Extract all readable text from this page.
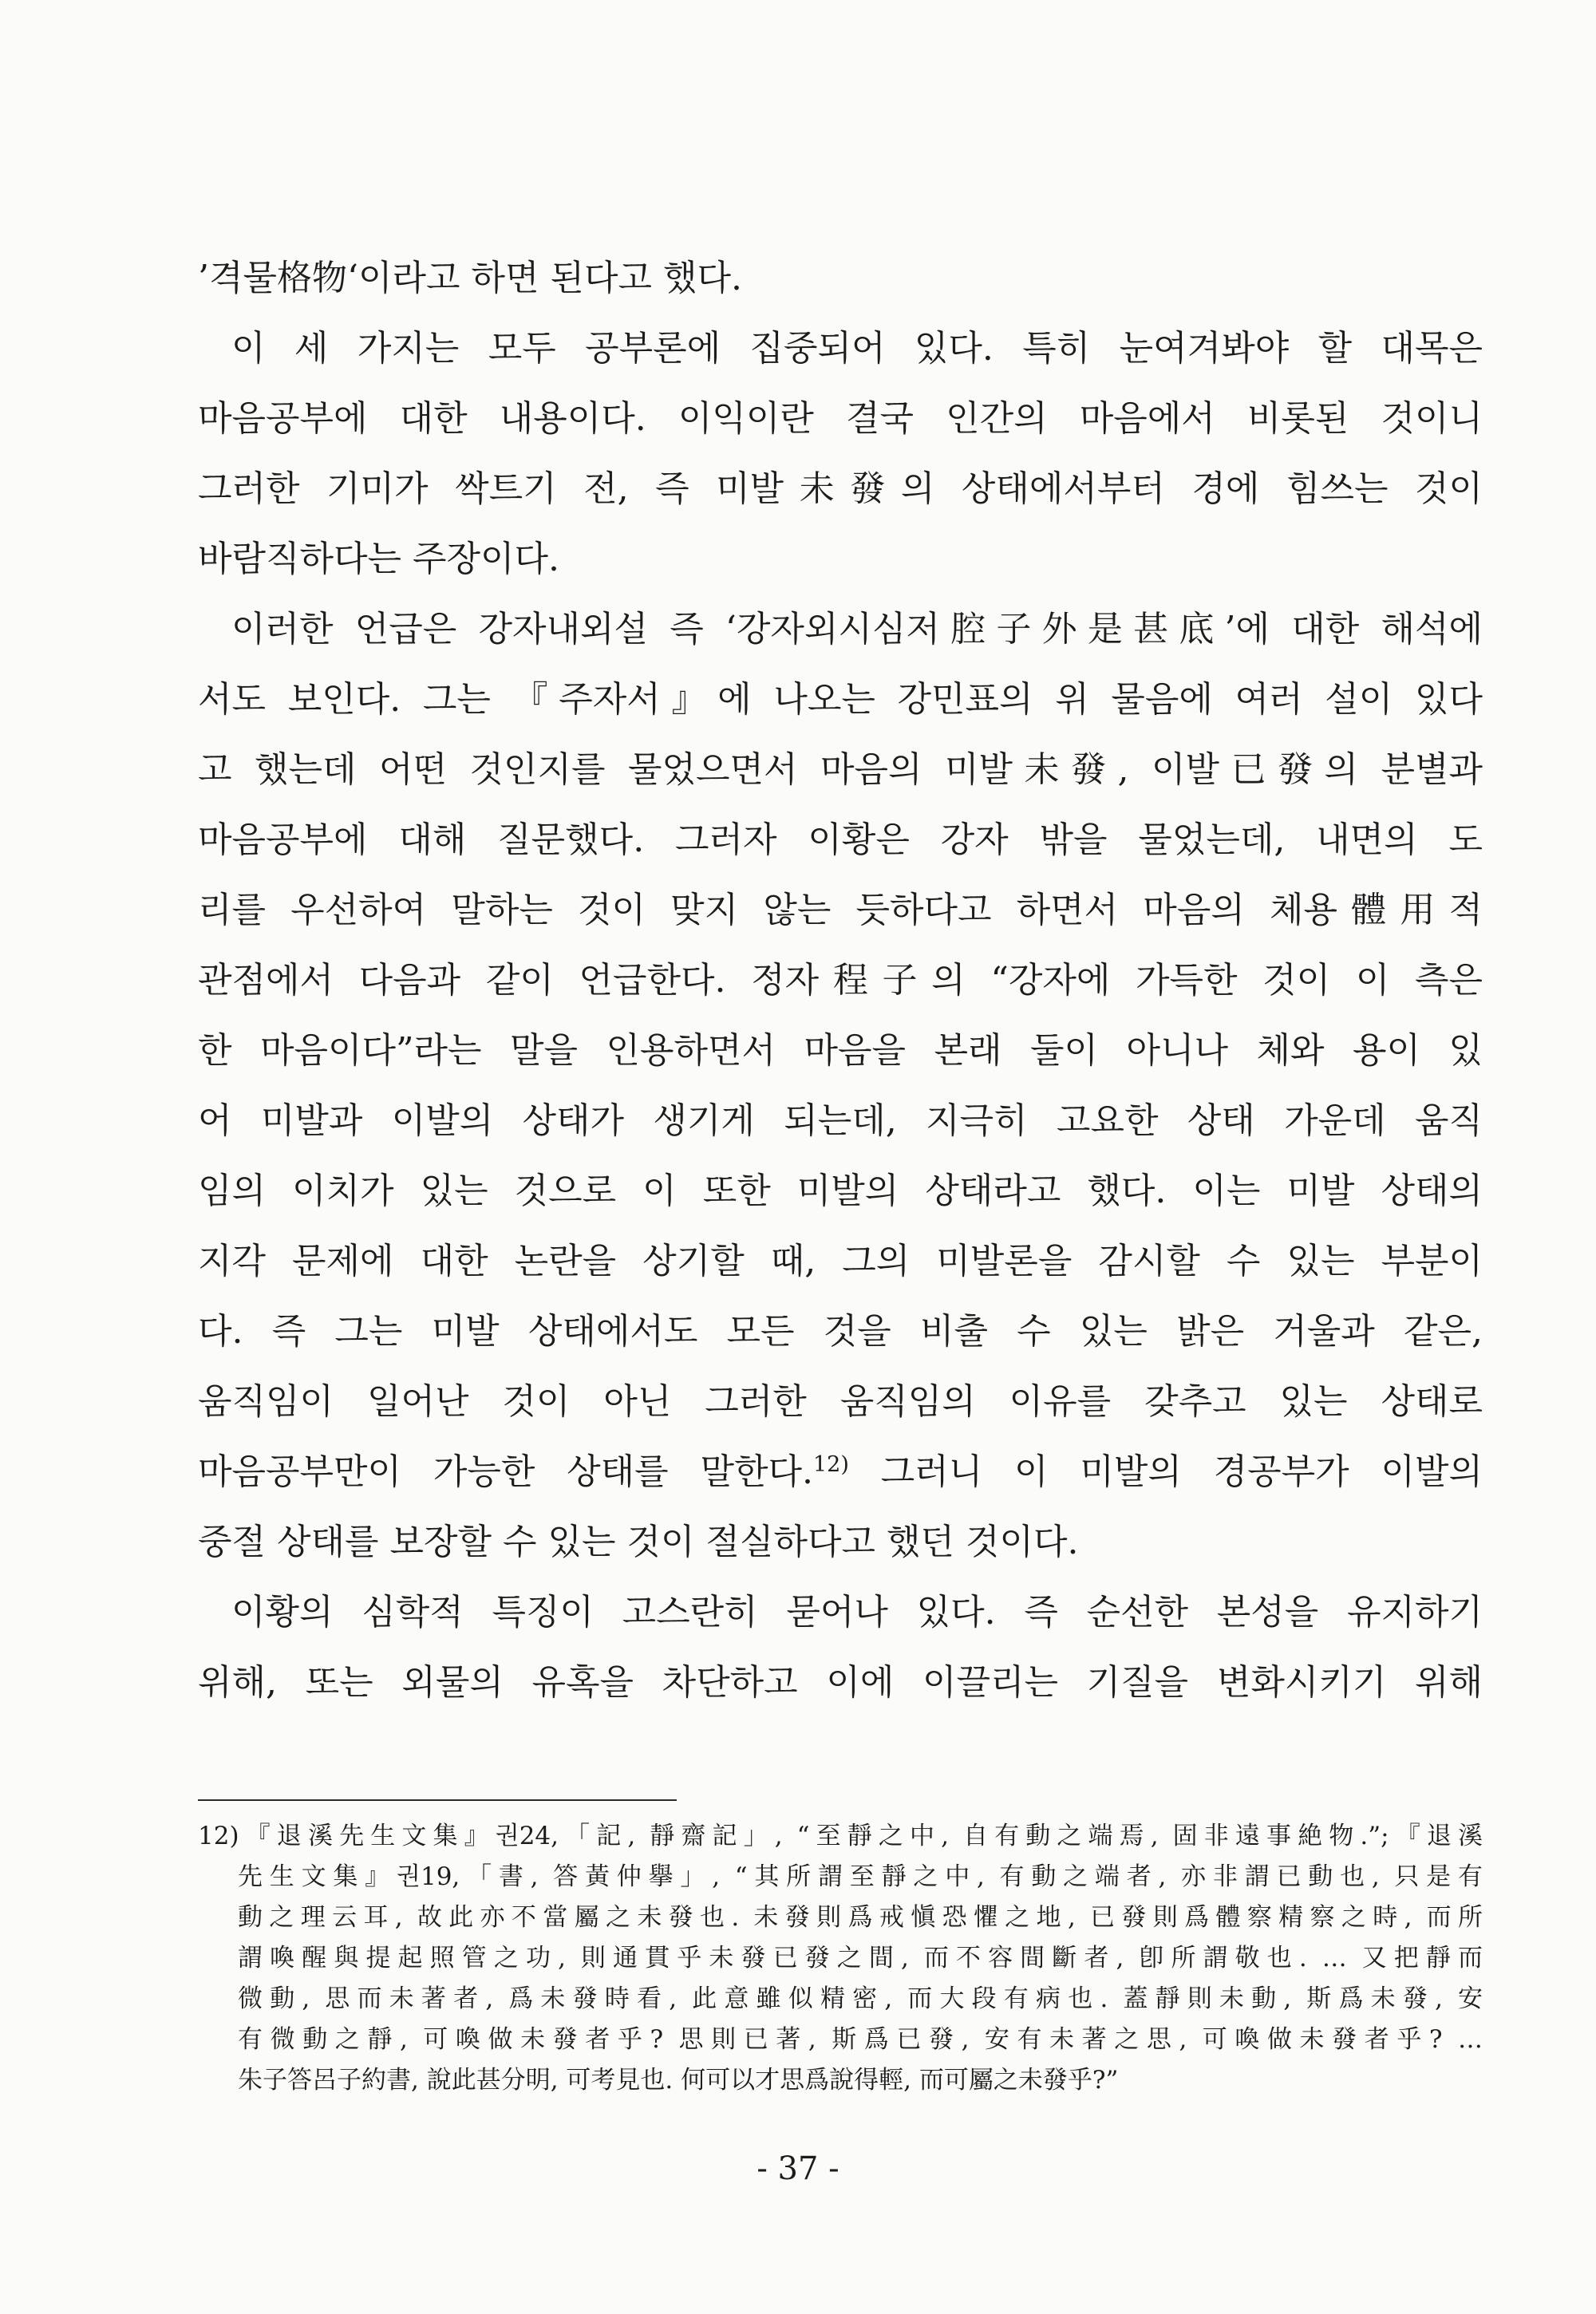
’격물格物‘이라고 하면 된다고 했다.
이 세 가지는 모두 공부론에 집중되어 있다. 특히 눈여겨봐야 할 대목은
마음공부에 대한 내용이다. 이익이란 결국 인간의 마음에서 비롯된 것이니
그러한 기미가 싹트기 전, 즉 미발未發의 상태에서부터 경에 힘쓰는 것이
바람직하다는 주장이다.
이러한 언급은 강자내외설 즉 ‘강자외시심저腔子外是甚底’에 대한 해석에
서도 보인다. 그는 『주자서』에 나오는 강민표의 위 물음에 여러 설이 있다
고 했는데 어떤 것인지를 물었으면서 마음의 미발未發, 이발已發의 분별과
마음공부에 대해 질문했다. 그러자 이황은 강자 밖을 물었는데, 내면의 도
리를 우선하여 말하는 것이 맞지 않는 듯하다고 하면서 마음의 체용體用적
관점에서 다음과 같이 언급한다. 정자程子의 “강자에 가득한 것이 이 측은
한 마음이다”라는 말을 인용하면서 마음을 본래 둘이 아니나 체와 용이 있
어 미발과 이발의 상태가 생기게 되는데, 지극히 고요한 상태 가운데 움직
임의 이치가 있는 것으로 이 또한 미발의 상태라고 했다. 이는 미발 상태의
지각 문제에 대한 논란을 상기할 때, 그의 미발론을 감시할 수 있는 부분이
다. 즉 그는 미발 상태에서도 모든 것을 비출 수 있는 밝은 거울과 같은,
움직임이 일어난 것이 아닌 그러한 움직임의 이유를 갖추고 있는 상태로
마음공부만이 가능한 상태를 말한다.$^{12)}$ 그러니 이 미발의 경공부가 이발의
중절 상태를 보장할 수 있는 것이 절실하다고 했던 것이다.
이황의 심학적 특징이 고스란히 묻어나 있다. 즉 순선한 본성을 유지하기
위해, 또는 외물의 유혹을 차단하고 이에 이끌리는 기질을 변화시키기 위해
12)『退溪先生文集』권24,「記, 靜齋記」, “至靜之中, 自有動之端焉, 固非遠事絶物.”;『退溪
先生文集』권19,「書, 答黃仲擧」, “其所謂至靜之中, 有動之端者, 亦非謂已動也, 只是有
動之理云耳, 故此亦不當屬之未發也. 未發則爲戒愼恐懼之地, 已發則爲體察精察之時, 而所
謂喚醒與提起照管之功, 則通貫乎未發已發之間, 而不容間斷者, 卽所謂敬也. … 又把靜而
微動, 思而未著者, 爲未發時看, 此意雖似精密, 而大段有病也. 蓋靜則未動, 斯爲未發, 安
有微動之靜, 可喚做未發者乎? 思則已著, 斯爲已發, 安有未著之思, 可喚做未發者乎? …
朱子答呂子約書, 說此甚分明, 可考見也. 何可以才思爲說得輕, 而可屬之未發乎?”
- 37 -
